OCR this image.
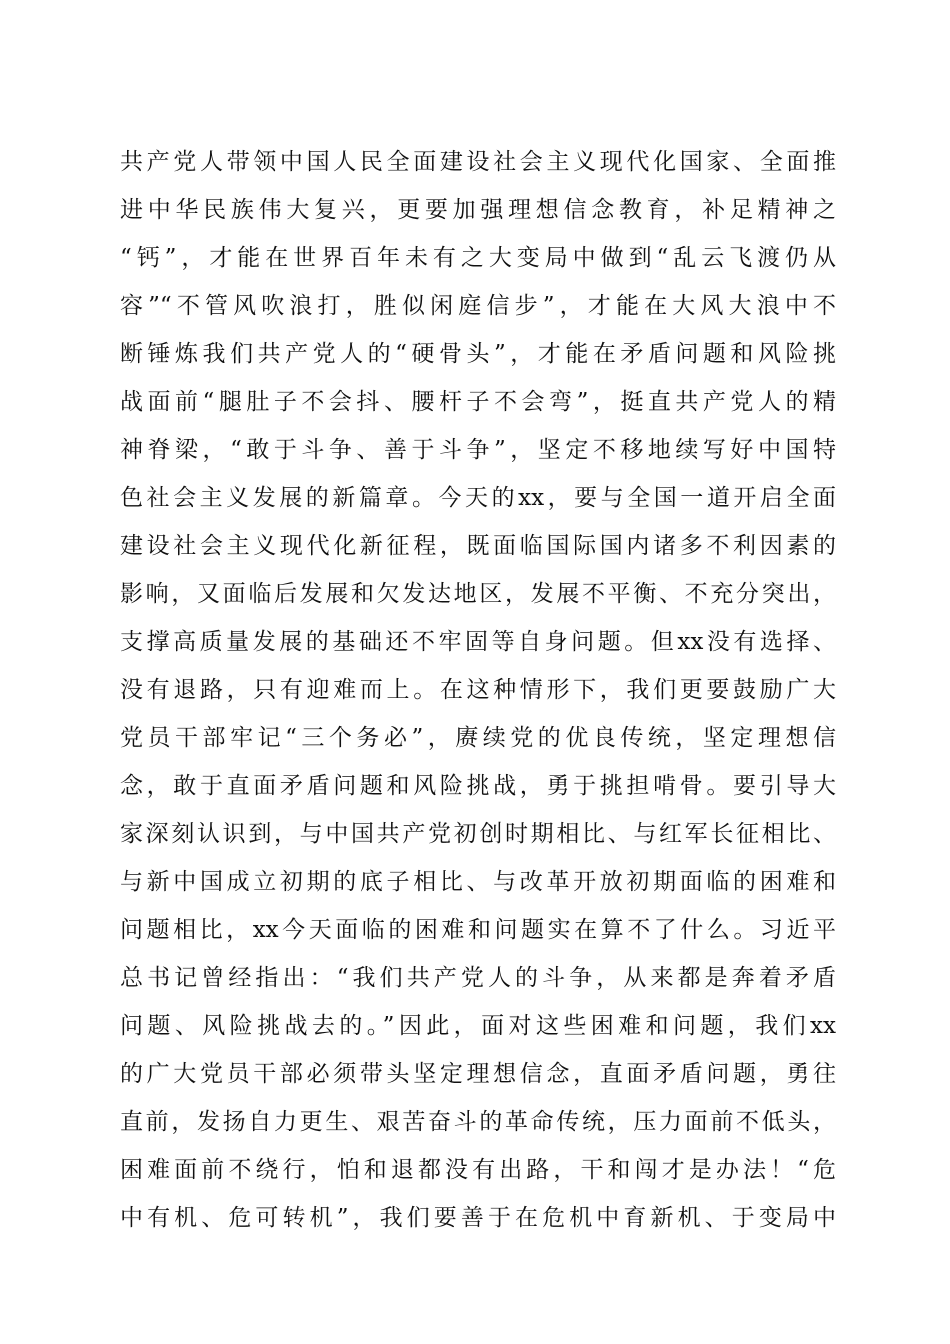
共产党人带领中国人民全面建设社会主义现代化国家、全面推
进中华民族伟大复兴，更要加强理想信念教育，补足精神之
“钙”，才能在世界百年未有之大变局中做到“乱云飞渡仍从
容”“不管风吹浪打，胜似闲庭信步”，才能在大风大浪中不
断锤炼我们共产党人的“硬骨头”，才能在矛盾问题和风险挑
战面前“腿肚子不会抖、腰杆子不会弯”，挺直共产党人的精
神脊梁，“敢于斗争、善于斗争”，坚定不移地续写好中国特
色社会主义发展的新篇章。今天的xx，要与全国一道开启全面
建设社会主义现代化新征程，既面临国际国内诸多不利因素的
影响，又面临后发展和欠发达地区，发展不平衡、不充分突出，
支撑高质量发展的基础还不牢固等自身问题。但xx没有选择、
没有退路，只有迎难而上。在这种情形下，我们更要鼓励广大
党员干部牢记“三个务必”，赓续党的优良传统，坚定理想信
念，敢于直面矛盾问题和风险挑战，勇于挑担啃骨。要引导大
家深刻认识到，与中国共产党初创时期相比、与红军长征相比、
与新中国成立初期的底子相比、与改革开放初期面临的困难和
问题相比，xx今天面临的困难和问题实在算不了什么。习近平
总书记曾经指出：“我们共产党人的斗争，从来都是奔着矛盾
问题、风险挑战去的。”因此，面对这些困难和问题，我们xx
的广大党员干部必须带头坚定理想信念，直面矛盾问题，勇往
直前，发扬自力更生、艰苦奋斗的革命传统，压力面前不低头，
困难面前不绕行，怕和退都没有出路，干和闯才是办法！“危
中有机、危可转机”，我们要善于在危机中育新机、于变局中
